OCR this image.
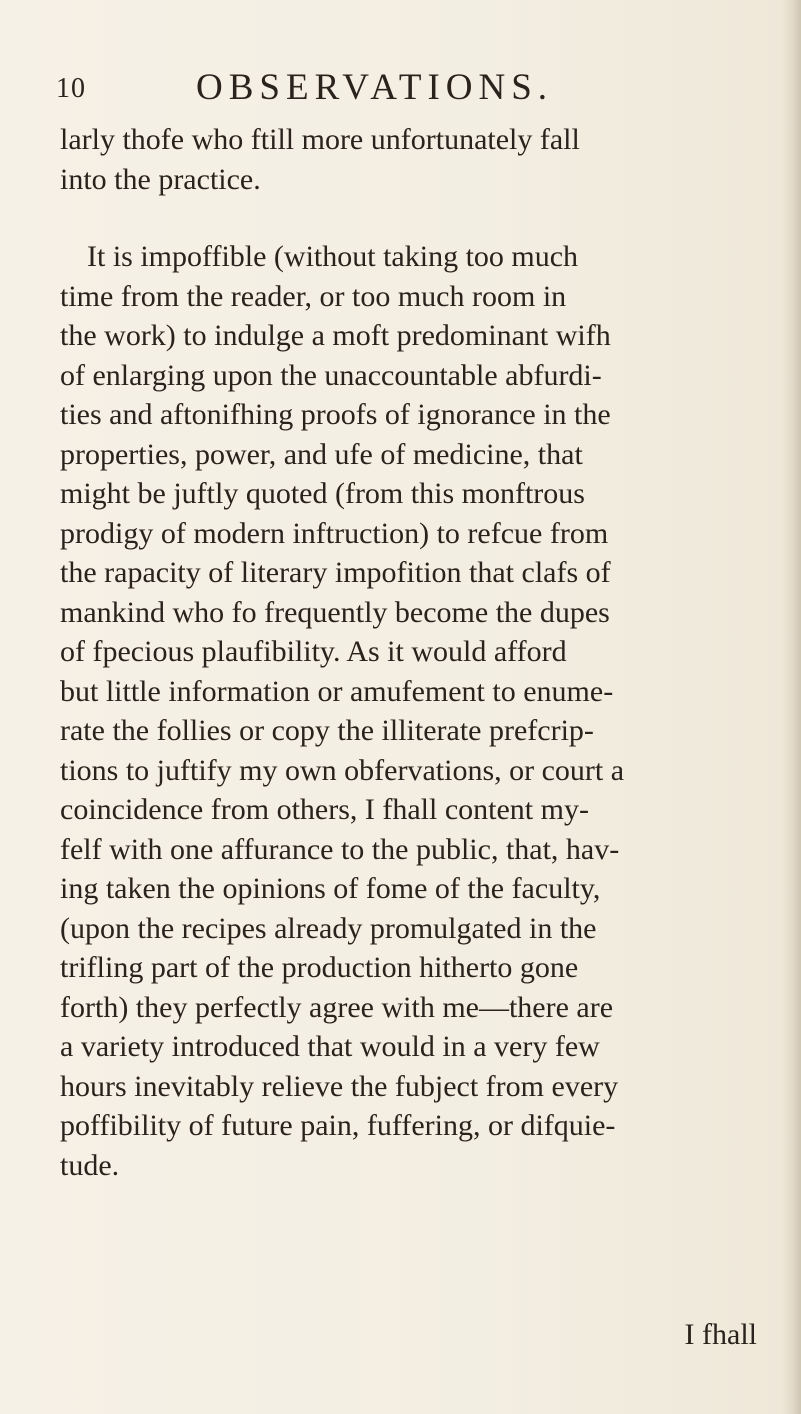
10	OBSERVATIONS.
larly thofe who ftill more unfortunately fall
into the practice.
It is impoffible (without taking too much
time from the reader, or too much room in
the work) to indulge a moft predominant wifh
of enlarging upon the unaccountable abfurdi-
ties and aftonifhing proofs of ignorance in the
properties, power, and ufe of medicine, that
might be juftly quoted (from this monftrous
prodigy of modern inftruction) to refcue from
the rapacity of literary impofition that clafs of
mankind who fo frequently become the dupes
of fpecious plaufibility. As it would afford
but little information or amufement to enume-
rate the follies or copy the illiterate prefcrip-
tions to juftify my own obfervations, or court a
coincidence from others, I fhall content my-
felf with one affurance to the public, that, hav-
ing taken the opinions of fome of the faculty,
(upon the recipes already promulgated in the
trifling part of the production hitherto gone
forth) they perfectly agree with me—there are
a variety introduced that would in a very few
hours inevitably relieve the fubject from every
poffibility of future pain, fuffering, or difquie-
tude.
I fhall
